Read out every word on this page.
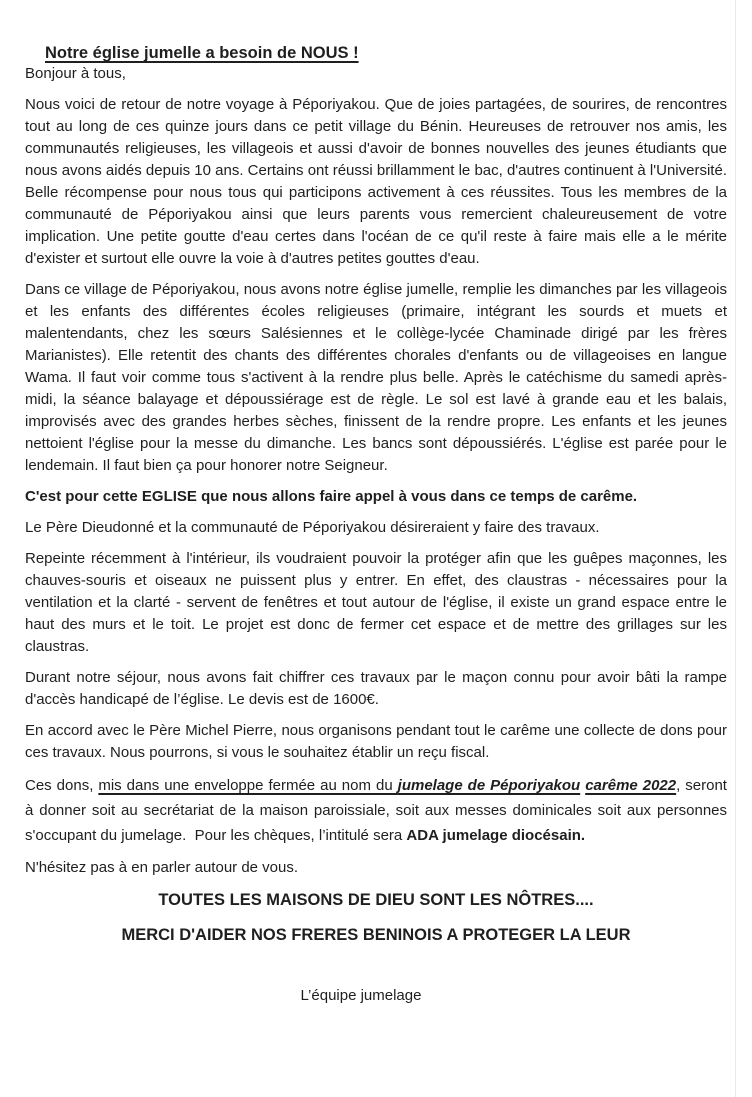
Notre église jumelle a besoin de NOUS !

Bonjour à tous,

Nous voici de retour de notre voyage à Péporiyakou. Que de joies partagées, de sourires, de rencontres tout au long de ces quinze jours dans ce petit village du Bénin. Heureuses de retrouver nos amis, les communautés religieuses, les villageois et aussi d'avoir de bonnes nouvelles des jeunes étudiants que nous avons aidés depuis 10 ans. Certains ont réussi brillamment le bac, d'autres continuent à l'Université. Belle récompense pour nous tous qui participons activement à ces réussites. Tous les membres de la communauté de Péporiyakou ainsi que leurs parents vous remercient chaleureusement de votre implication. Une petite goutte d'eau certes dans l'océan de ce qu'il reste à faire mais elle a le mérite d'exister et surtout elle ouvre la voie à d'autres petites gouttes d'eau.

Dans ce village de Péporiyakou, nous avons notre église jumelle, remplie les dimanches par les villageois et les enfants des différentes écoles religieuses (primaire, intégrant les sourds et muets et malentendants, chez les sœurs Salésiennes et le collège-lycée Chaminade dirigé par les frères Marianistes). Elle retentit des chants des différentes chorales d'enfants ou de villageoises en langue Wama. Il faut voir comme tous s'activent à la rendre plus belle. Après le catéchisme du samedi après-midi, la séance balayage et dépoussiérage est de règle. Le sol est lavé à grande eau et les balais, improvisés avec des grandes herbes sèches, finissent de la rendre propre. Les enfants et les jeunes nettoient l'église pour la messe du dimanche. Les bancs sont dépoussiérés. L'église est parée pour le lendemain. Il faut bien ça pour honorer notre Seigneur.

C'est pour cette EGLISE que nous allons faire appel à vous dans ce temps de carême.

Le Père Dieudonné et la communauté de Péporiyakou désireraient y faire des travaux.

Repeinte récemment à l'intérieur, ils voudraient pouvoir la protéger afin que les guêpes maçonnes, les chauves-souris et oiseaux ne puissent plus y entrer. En effet, des claustras - nécessaires pour la ventilation et la clarté - servent de fenêtres et tout autour de l'église, il existe un grand espace entre le haut des murs et le toit. Le projet est donc de fermer cet espace et de mettre des grillages sur les claustras.

Durant notre séjour, nous avons fait chiffrer ces travaux par le maçon connu pour avoir bâti la rampe d'accès handicapé de l’église. Le devis est de 1600€.

En accord avec le Père Michel Pierre, nous organisons pendant tout le carême une collecte de dons pour ces travaux. Nous pourrons, si vous le souhaitez établir un reçu fiscal.

Ces dons, mis dans une enveloppe fermée au nom du jumelage de Péporiyakou carême 2022, seront à donner soit au secrétariat de la maison paroissiale, soit aux messes dominicales soit aux personnes s'occupant du jumelage.  Pour les chèques, l’intitulé sera ADA jumelage diocésain.

N'hésitez pas à en parler autour de vous.

TOUTES LES MAISONS DE DIEU SONT LES NÔTRES....

MERCI D'AIDER NOS FRERES BENINOIS A PROTEGER LA LEUR

L’équipe jumelage
